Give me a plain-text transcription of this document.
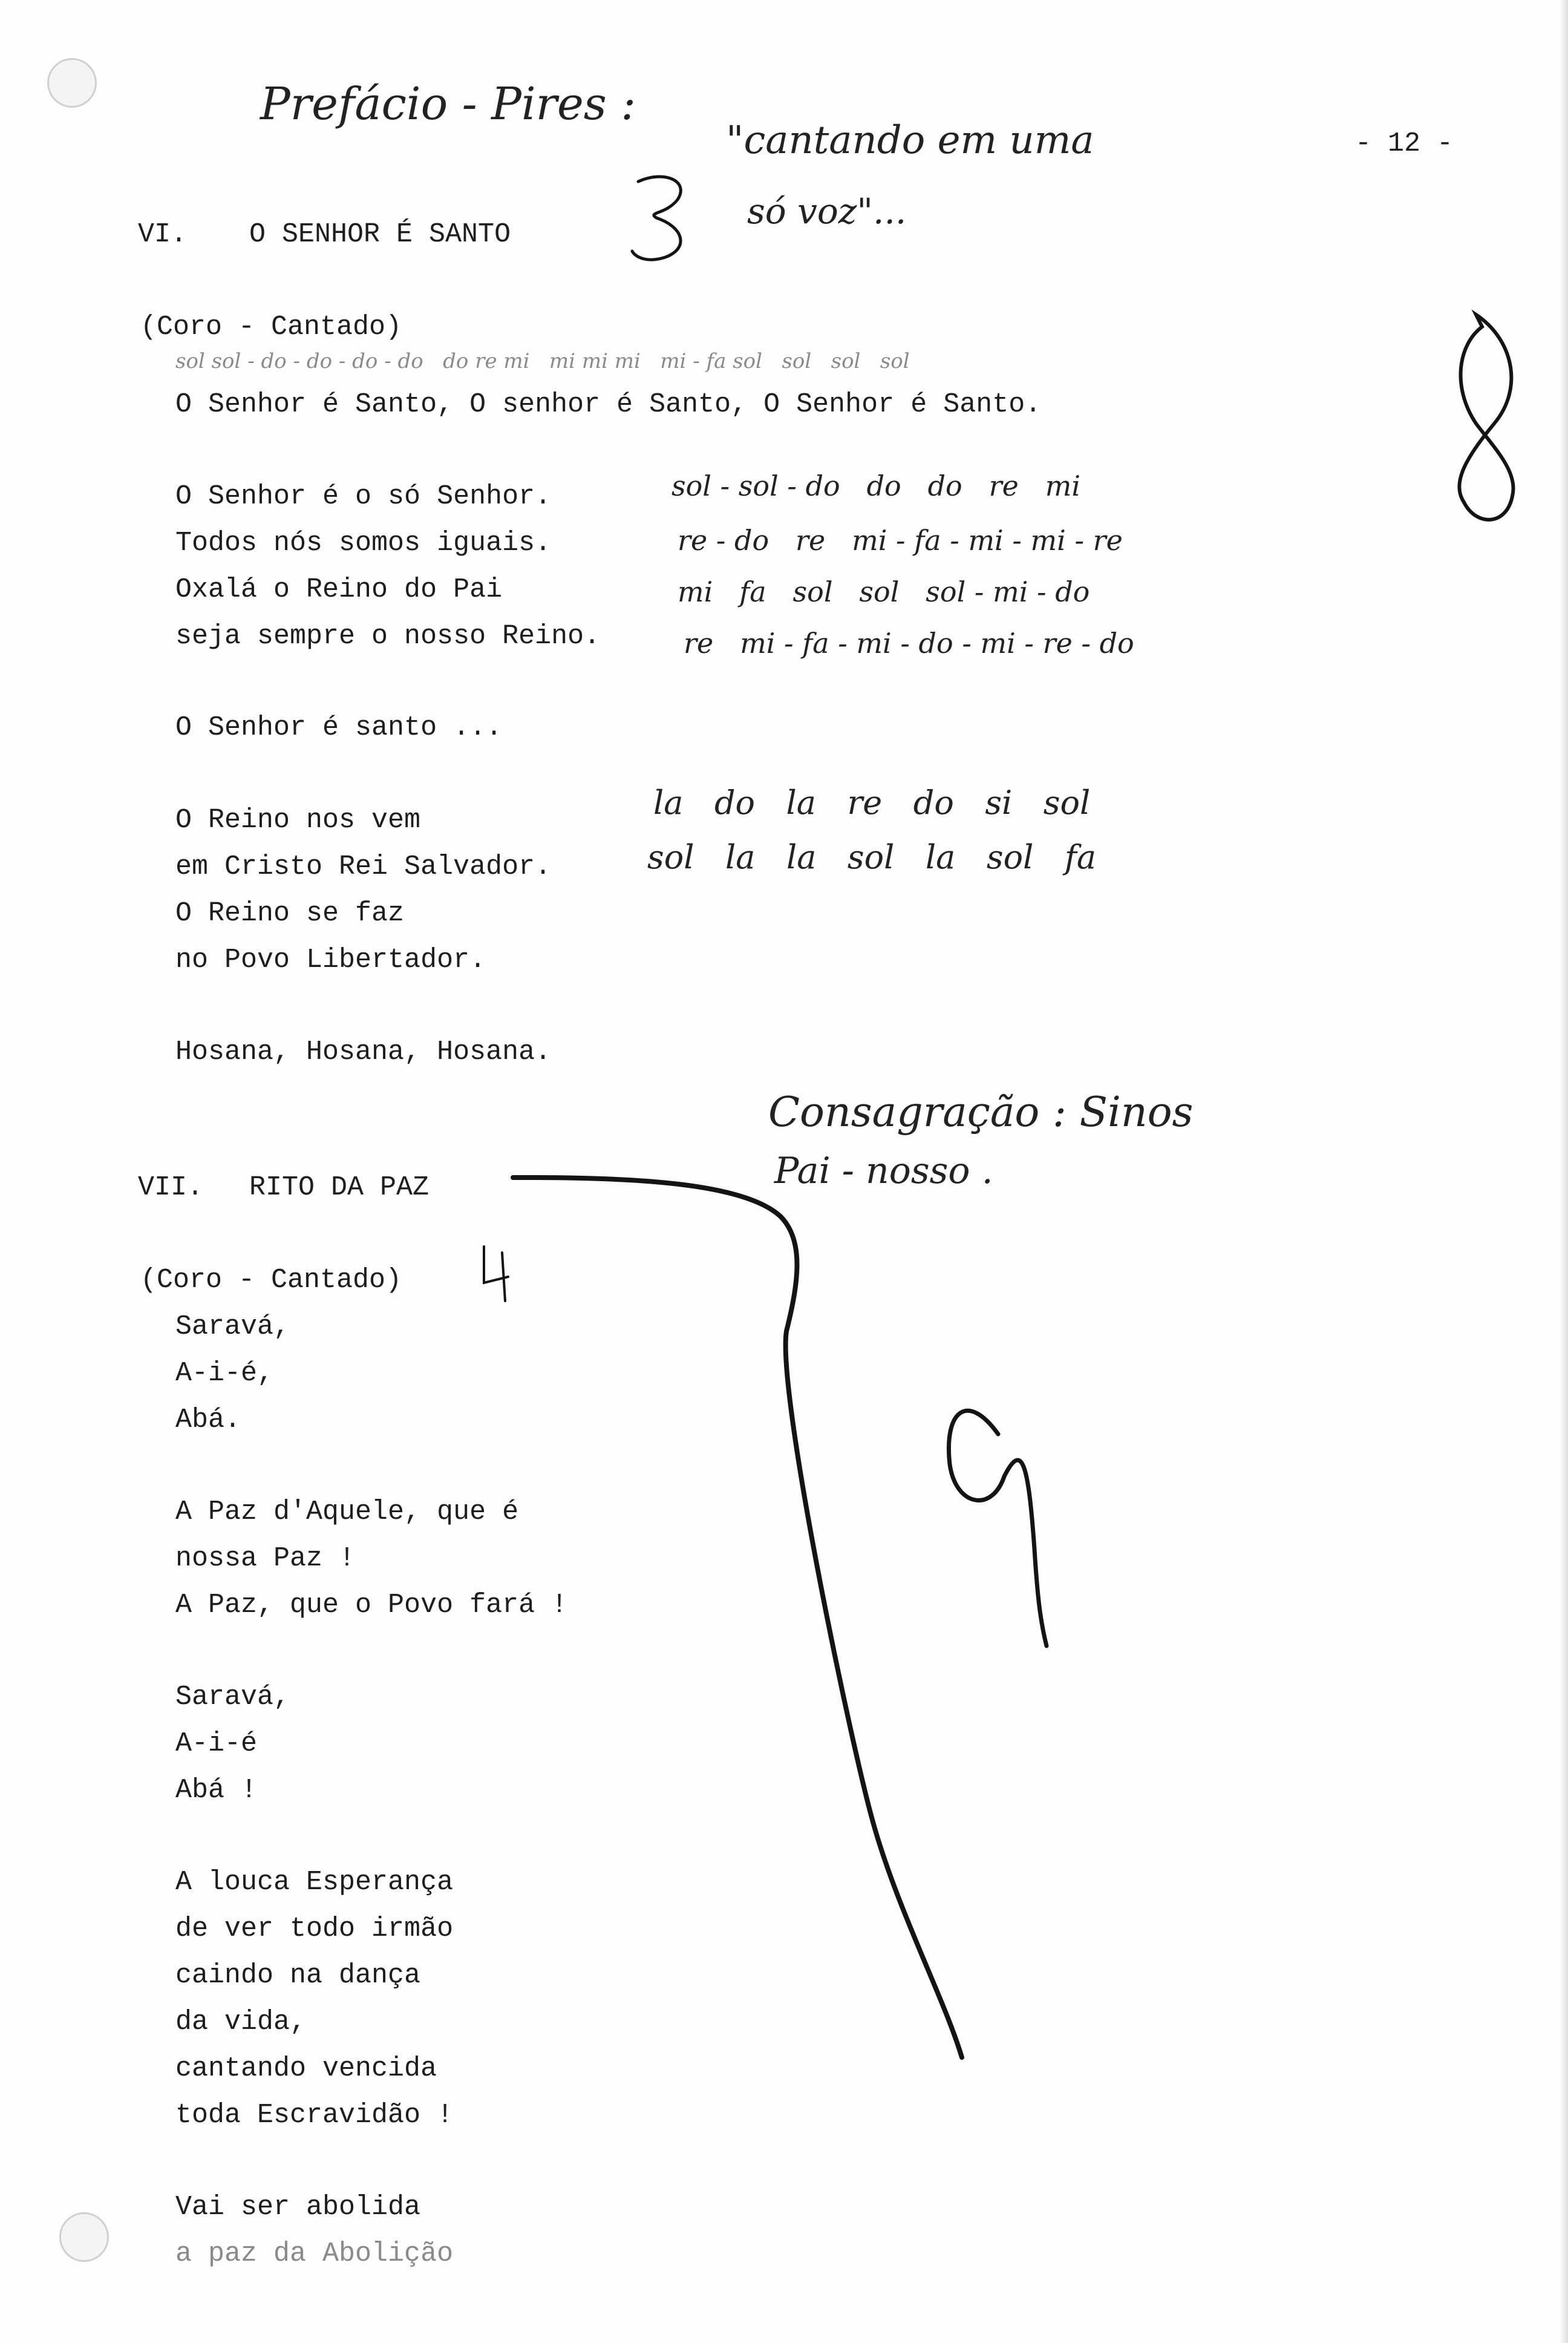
Prefácio - Pires :
"cantando em uma
só voz"...
- 12 -
VI. O SENHOR É SANTO
(Coro - Cantado)
sol sol - do - do - do - do   do re mi   mi mi mi   mi - fa sol   sol   sol   sol
O Senhor é Santo, O senhor é Santo, O Senhor é Santo.
O Senhor é o só Senhor.
Todos nós somos iguais.
Oxalá o Reino do Pai
seja sempre o nosso Reino.
sol - sol - do   do   do   re   mi
re - do   re   mi - fa - mi - mi - re
mi   fa   sol   sol   sol - mi - do
re   mi - fa - mi - do - mi - re - do
O Senhor é santo ...
O Reino nos vem
em Cristo Rei Salvador.
O Reino se faz
no Povo Libertador.
la   do   la   re   do   si   sol
sol   la   la   sol   la   sol   fa
Hosana, Hosana, Hosana.
Consagração : Sinos
Pai - nosso .
VII. RITO DA PAZ
(Coro - Cantado)
Saravá,
A-i-é,
Abá.
A Paz d'Aquele, que é
nossa Paz !
A Paz, que o Povo fará !
Saravá,
A-i-é
Abá !
A louca Esperança
de ver todo irmão
caindo na dança
da vida,
cantando vencida
toda Escravidão !
Vai ser abolida
a paz da Abolição
